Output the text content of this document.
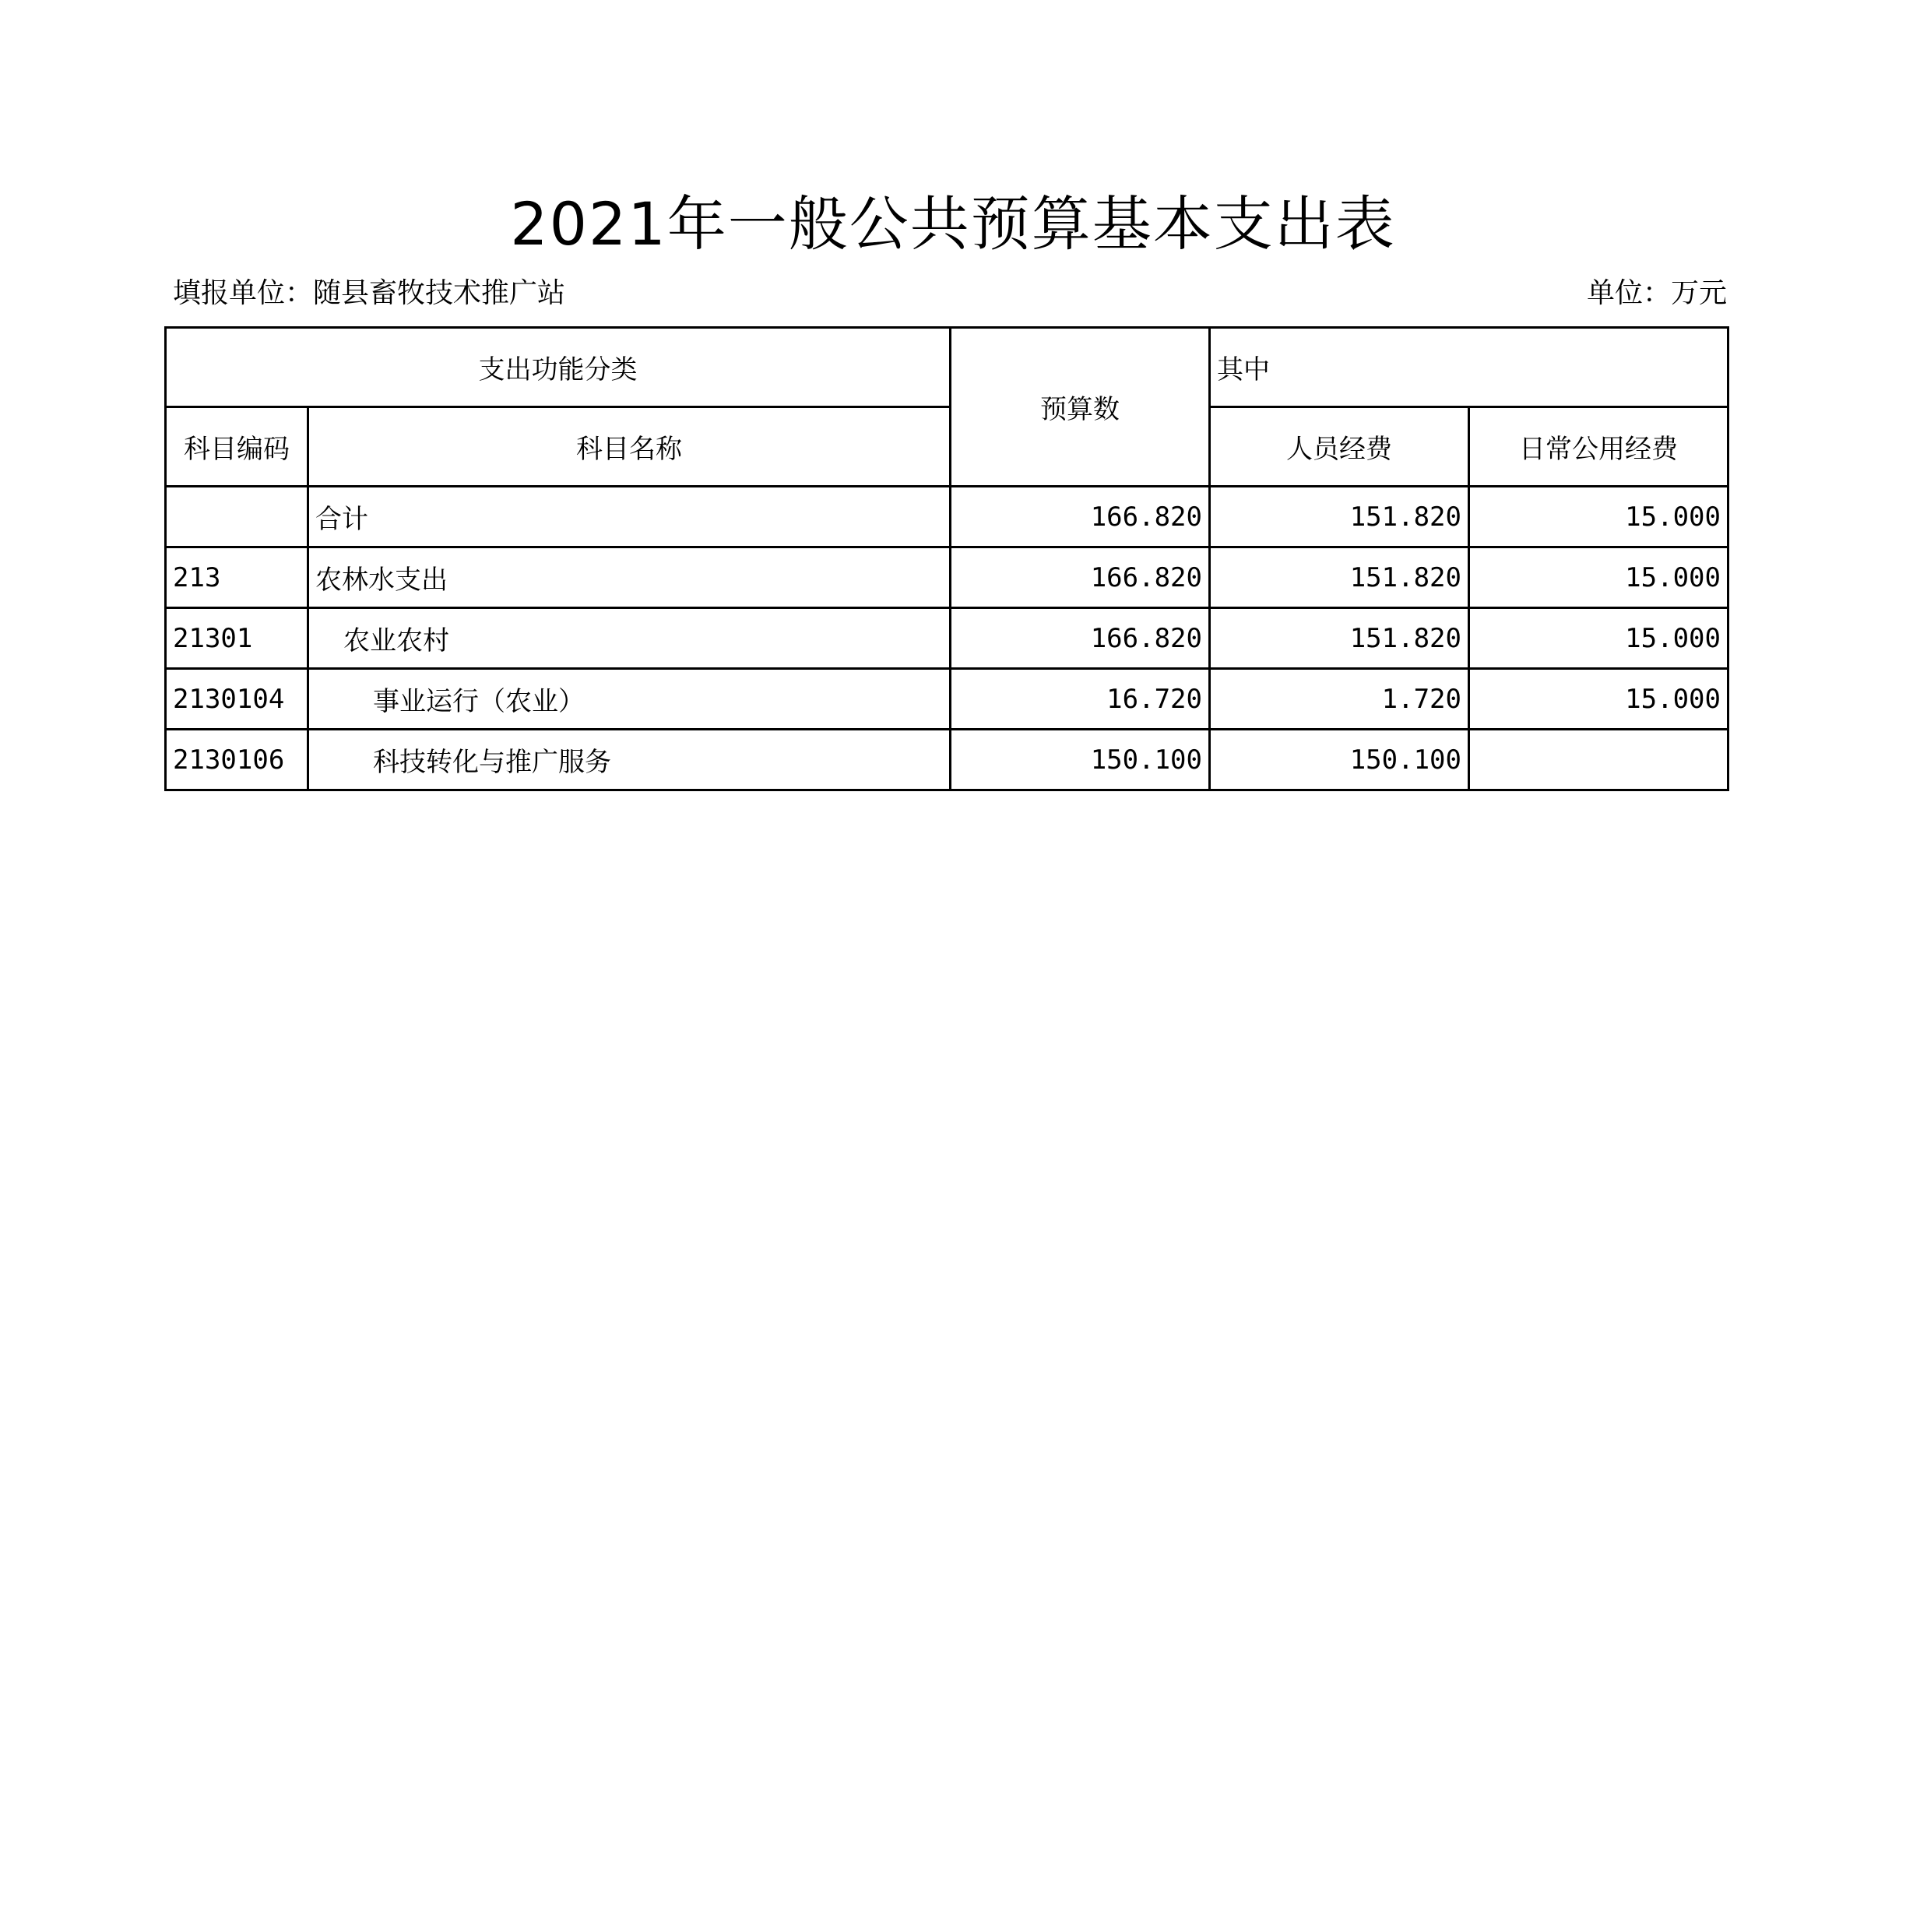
2021年一般公共预算基本支出表
填报单位：随县畜牧技术推广站	单位：万元
支出功能分类		预算数	其中	
科目编码	科目名称		人员经费	日常公用经费
	合计	166.820	151.820	15.000
213	农林水支出	166.820	151.820	15.000
21301	农业农村	166.820	151.820	15.000
2130104	事业运行（农业）	16.720	1.720	15.000
2130106	科技转化与推广服务	150.100	150.100	
